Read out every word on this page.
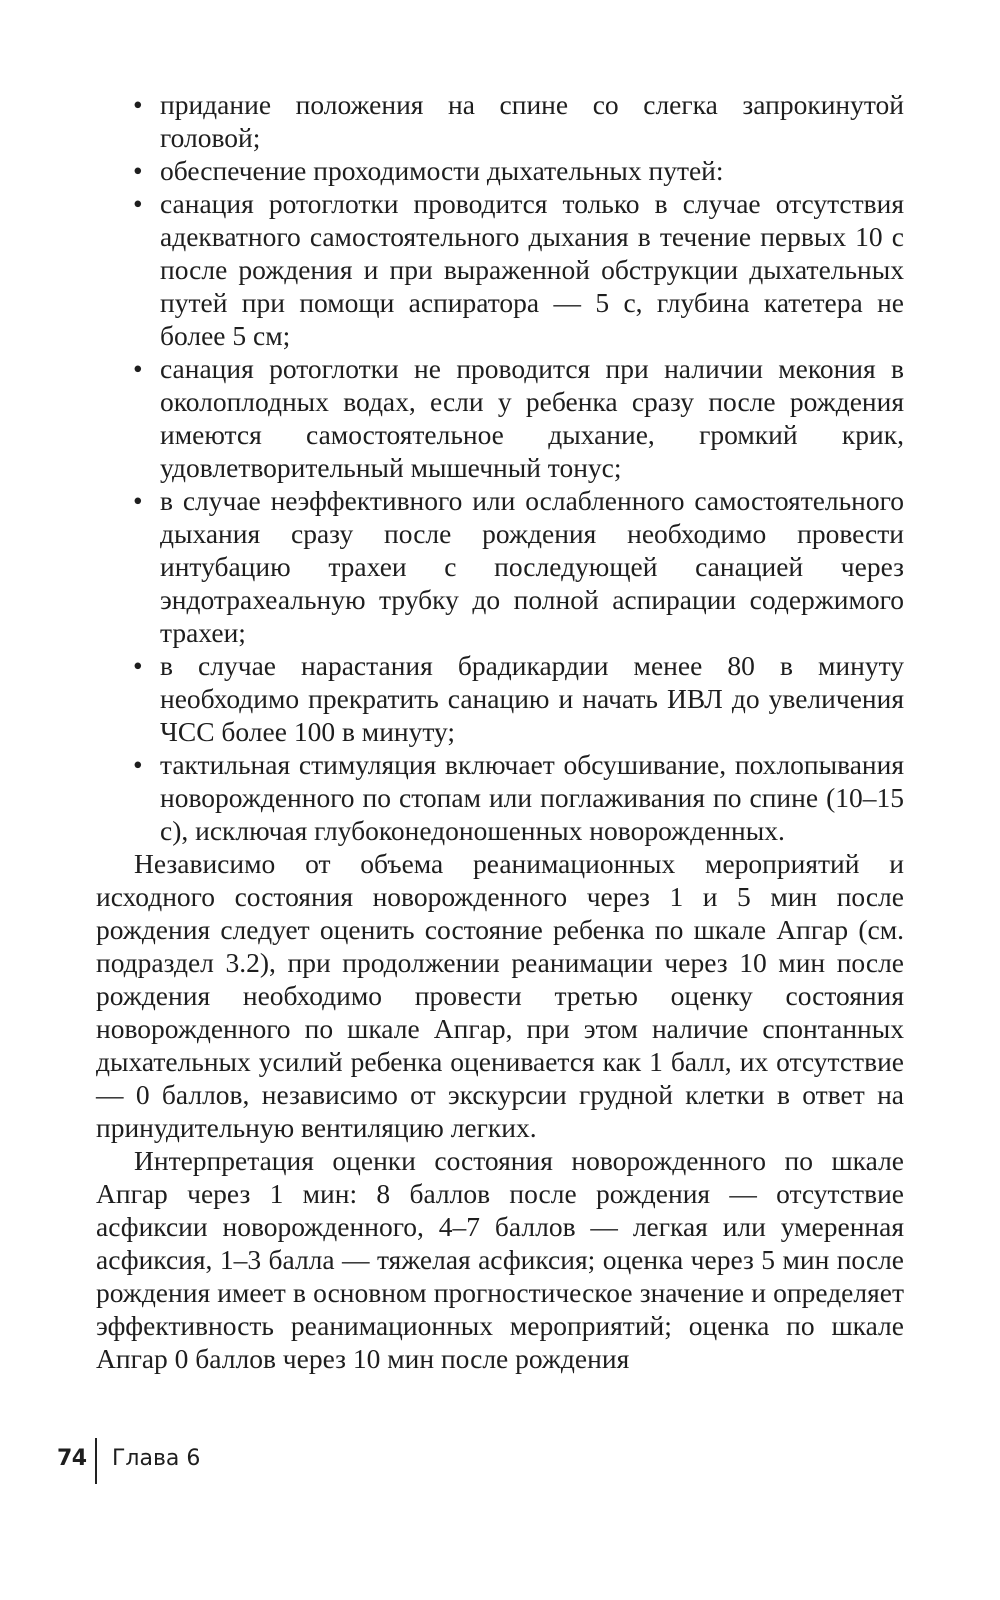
• придание положения на спине со слегка запрокинутой головой;
• обеспечение проходимости дыхательных путей:
• санация ротоглотки проводится только в случае отсутствия адекватного самостоятельного дыхания в течение первых 10 с после рождения и при выраженной обструкции дыхательных путей при помощи аспиратора — 5 с, глубина катетера не более 5 см;
• санация ротоглотки не проводится при наличии мекония в околоплодных водах, если у ребенка сразу после рождения имеются самостоятельное дыхание, громкий крик, удовлетворительный мышечный тонус;
• в случае неэффективного или ослабленного самостоятельного дыхания сразу после рождения необходимо провести интубацию трахеи с последующей санацией через эндотрахеальную трубку до полной аспирации содержимого трахеи;
• в случае нарастания брадикардии менее 80 в минуту необходимо прекратить санацию и начать ИВЛ до увеличения ЧСС более 100 в минуту;
• тактильная стимуляция включает обсушивание, похлопывания новорожденного по стопам или поглаживания по спине (10–15 с), исключая глубоконедоношенных новорожденных.

Независимо от объема реанимационных мероприятий и исходного состояния новорожденного через 1 и 5 мин после рождения следует оценить состояние ребенка по шкале Апгар (см. подраздел 3.2), при продолжении реанимации через 10 мин после рождения необходимо провести третью оценку состояния новорожденного по шкале Апгар, при этом наличие спонтанных дыхательных усилий ребенка оценивается как 1 балл, их отсутствие — 0 баллов, независимо от экскурсии грудной клетки в ответ на принудительную вентиляцию легких.

Интерпретация оценки состояния новорожденного по шкале Апгар через 1 мин: 8 баллов после рождения — отсутствие асфиксии новорожденного, 4–7 баллов — легкая или умеренная асфиксия, 1–3 балла — тяжелая асфиксия; оценка через 5 мин после рождения имеет в основном прогностическое значение и определяет эффективность реанимационных мероприятий; оценка по шкале Апгар 0 баллов через 10 мин после рождения

74 Глава 6
